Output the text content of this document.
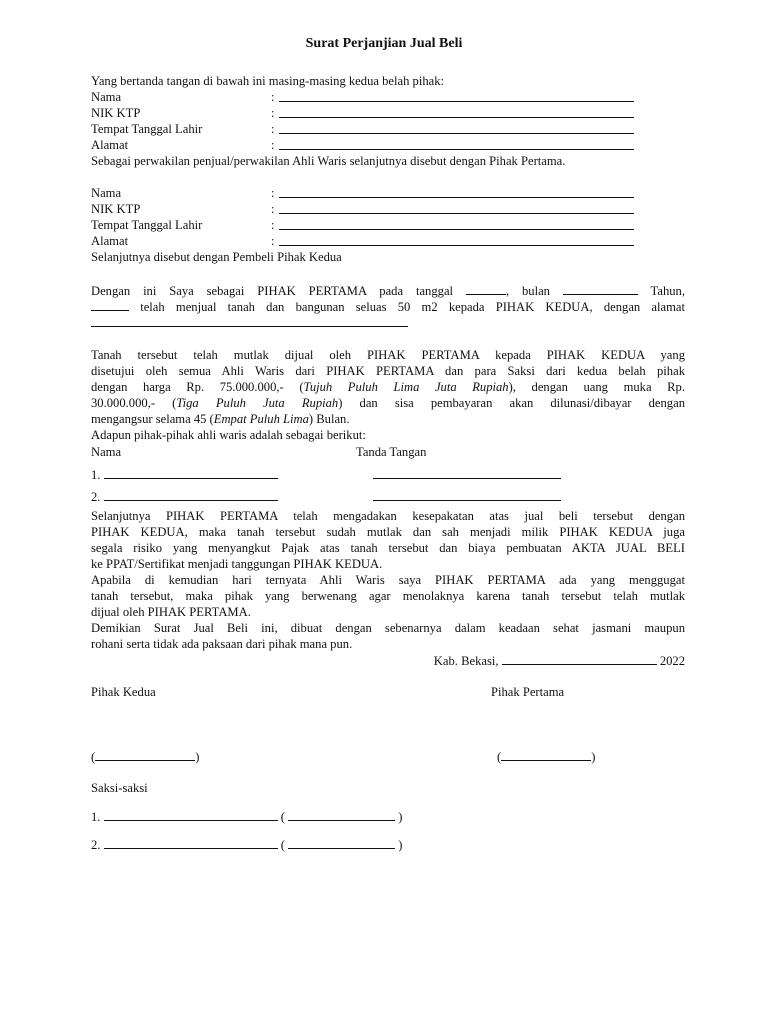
Surat Perjanjian Jual Beli
Yang bertanda tangan di bawah ini masing-masing kedua belah pihak:
Nama	:
NIK KTP	:
Tempat Tanggal Lahir	:
Alamat	:
Sebagai perwakilan penjual/perwakilan Ahli Waris selanjutnya disebut dengan Pihak Pertama.
Nama	:
NIK KTP	:
Tempat Tanggal Lahir	:
Alamat	:
Selanjutnya disebut dengan Pembeli Pihak Kedua
Dengan ini Saya sebagai PIHAK PERTAMA pada tanggal	, bulan	Tahun,
telah menjual tanah dan bangunan seluas 50 m2 kepada PIHAK KEDUA, dengan alamat
Tanah tersebut telah mutlak dijual oleh PIHAK PERTAMA kepada PIHAK KEDUA yang
disetujui oleh semua Ahli Waris dari PIHAK PERTAMA dan para Saksi dari kedua belah pihak
dengan harga Rp. 75.000.000,- (Tujuh Puluh Lima Juta Rupiah), dengan uang muka Rp.
30.000.000,- (Tiga Puluh Juta Rupiah) dan sisa pembayaran akan dilunasi/dibayar dengan
mengangsur selama 45 (Empat Puluh Lima) Bulan.
Adapun pihak-pihak ahli waris adalah sebagai berikut:
Nama	Tanda Tangan
1.
2.
Selanjutnya PIHAK PERTAMA telah mengadakan kesepakatan atas jual beli tersebut dengan
PIHAK KEDUA, maka tanah tersebut sudah mutlak dan sah menjadi milik PIHAK KEDUA juga
segala risiko yang menyangkut Pajak atas tanah tersebut dan biaya pembuatan AKTA JUAL BELI
ke PPAT/Sertifikat menjadi tanggungan PIHAK KEDUA.
Apabila di kemudian hari ternyata Ahli Waris saya PIHAK PERTAMA ada yang menggugat
tanah tersebut, maka pihak yang berwenang agar menolaknya karena tanah tersebut telah mutlak
dijual oleh PIHAK PERTAMA.
Demikian Surat Jual Beli ini, dibuat dengan sebenarnya dalam keadaan sehat jasmani maupun
rohani serta tidak ada paksaan dari pihak mana pun.
Kab. Bekasi,	2022
Pihak Kedua	Pihak Pertama
(	)	(	)
Saksi-saksi
1.	(	)
2.	(	)
